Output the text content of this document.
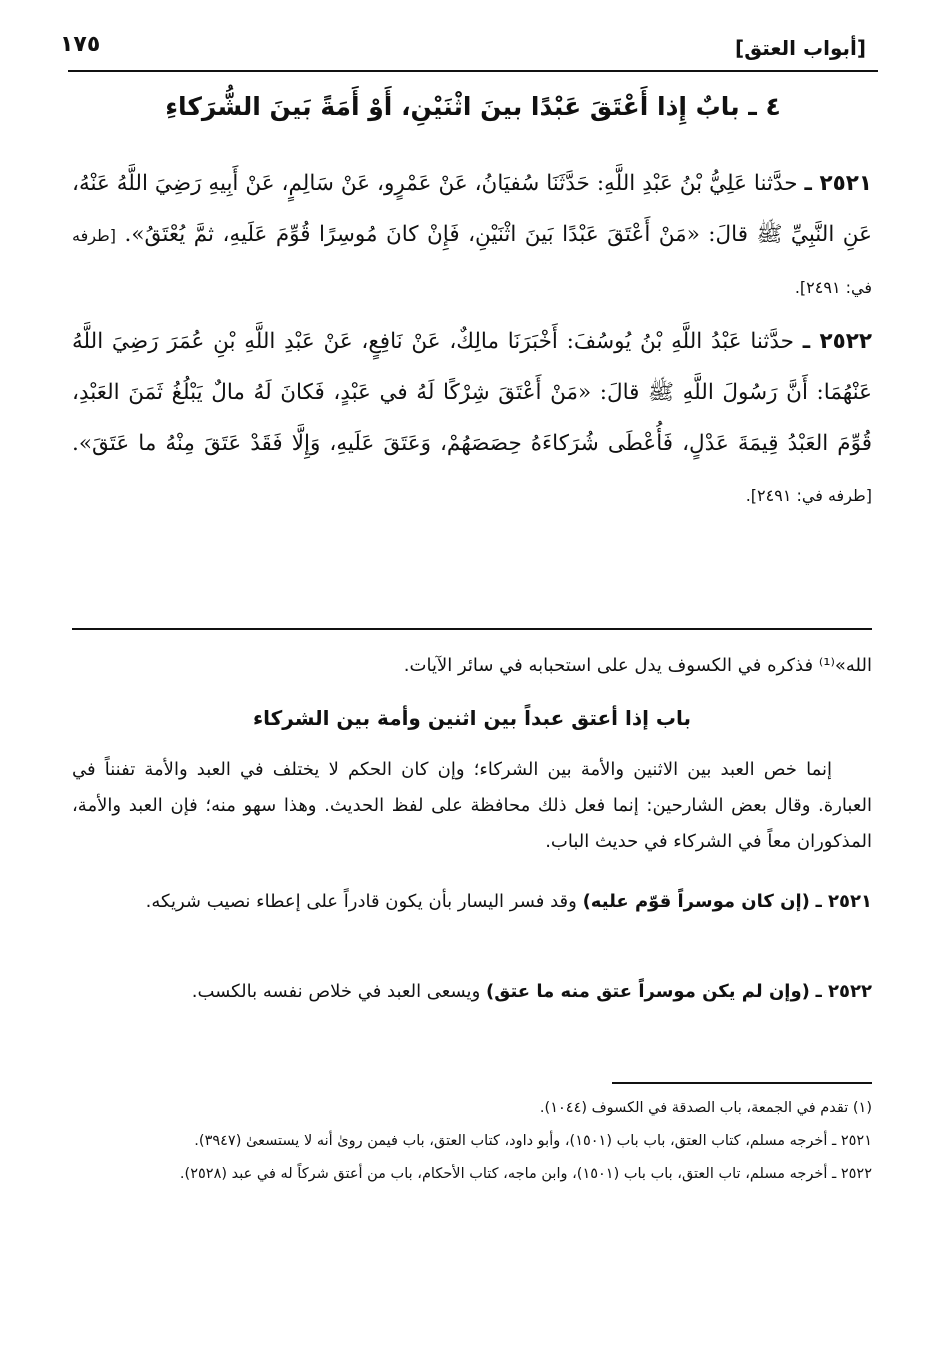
[أبواب العتق]
١٧٥
٤ ـ بابٌ إِذا أَعْتَقَ عَبْدًا بينَ اثْنَيْنِ، أَوْ أَمَةً بَينَ الشُّرَكاءِ
٢٥٢١ ـ حدَّثنا عَلِيُّ بْنُ عَبْدِ اللَّهِ: حَدَّثَنَا سُفيَانُ، عَنْ عَمْرٍو، عَنْ سَالِمٍ، عَنْ أَبِيهِ رَضِيَ اللَّهُ عَنْهُ، عَنِ النَّبِيِّ ﷺ قالَ: «مَنْ أَعْتَقَ عَبْدًا بَينَ اثْنَيْنِ، فَإِنْ كانَ مُوسِرًا قُوِّمَ عَلَيهِ، ثمَّ يُعْتَقُ». [طرفه في: ٢٤٩١].
٢٥٢٢ ـ حدَّثنا عَبْدُ اللَّهِ بْنُ يُوسُفَ: أَخْبَرَنَا مالِكٌ، عَنْ نَافِعٍ، عَنْ عَبْدِ اللَّهِ بْنِ عُمَرَ رَضِيَ اللَّهُ عَنْهُمَا: أَنَّ رَسُولَ اللَّهِ ﷺ قالَ: «مَنْ أَعْتَقَ شِرْكًا لَهُ في عَبْدٍ، فَكانَ لَهُ مالٌ يَبْلُغُ ثَمَنَ العَبْدِ، قُوِّمَ العَبْدُ قِيمَةَ عَدْلٍ، فَأُعْطَى شُرَكاءَهُ حِصَصَهُمْ، وَعَتَقَ عَلَيهِ، وَإِلَّا فَقَدْ عَتَقَ مِنْهُ ما عَتَقَ». [طرفه في: ٢٤٩١].
الله»⁽¹⁾ فذكره في الكسوف يدل على استحبابه في سائر الآيات.
باب إذا أعتق عبداً بين اثنين وأمة بين الشركاء
إنما خص العبد بين الاثنين والأمة بين الشركاء؛ وإن كان الحكم لا يختلف في العبد والأمة تفنناً في العبارة. وقال بعض الشارحين: إنما فعل ذلك محافظة على لفظ الحديث. وهذا سهو منه؛ فإن العبد والأمة، المذكوران معاً في الشركاء في حديث الباب.
٢٥٢١ ـ (إن كان موسراً قوّم عليه) وقد فسر اليسار بأن يكون قادراً على إعطاء نصيب شريكه.
٢٥٢٢ ـ (وإن لم يكن موسراً عتق منه ما عتق) ويسعى العبد في خلاص نفسه بالكسب.
(١) تقدم في الجمعة، باب الصدقة في الكسوف (١٠٤٤).
٢٥٢١ ـ أخرجه مسلم، كتاب العتق، باب باب (١٥٠١)، وأبو داود، كتاب العتق، باب فيمن روىٰ أنه لا يستسعىٰ (٣٩٤٧).
٢٥٢٢ ـ أخرجه مسلم، تاب العتق، باب باب (١٥٠١)، وابن ماجه، كتاب الأحكام، باب من أعتق شركاً له في عبد (٢٥٢٨).
